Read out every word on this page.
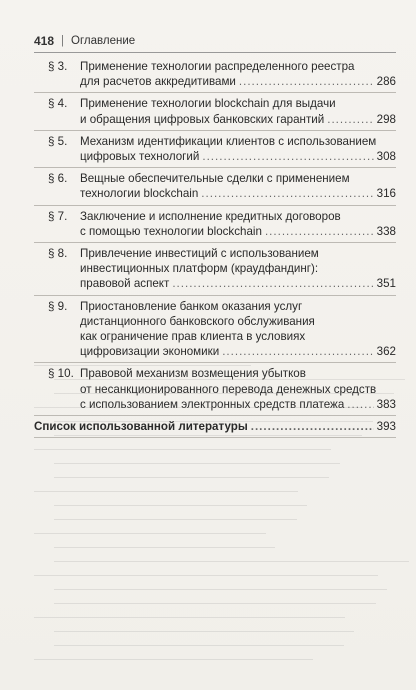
418 | Оглавление
§ 3.	Применение технологии распределенного реестра
для расчетов аккредитивами .....	286
§ 4.	Применение технологии blockchain для выдачи
и обращения цифровых банковских гарантий .....	298
§ 5.	Механизм идентификации клиентов с использованием
цифровых технологий .....	308
§ 6.	Вещные обеспечительные сделки с применением
технологии blockchain .....	316
§ 7.	Заключение и исполнение кредитных договоров
с помощью технологии blockchain .....	338
§ 8.	Привлечение инвестиций с использованием
инвестиционных платформ (краудфандинг):
правовой аспект .....	351
§ 9.	Приостановление банком оказания услуг
дистанционного банковского обслуживания
как ограничение прав клиента в условиях
цифровизации экономики .....	362
§ 10. Правовой механизм возмещения убытков
от несанкционированного перевода денежных средств
с использованием электронных средств платежа .....	383
Список использованной литературы .....	393
